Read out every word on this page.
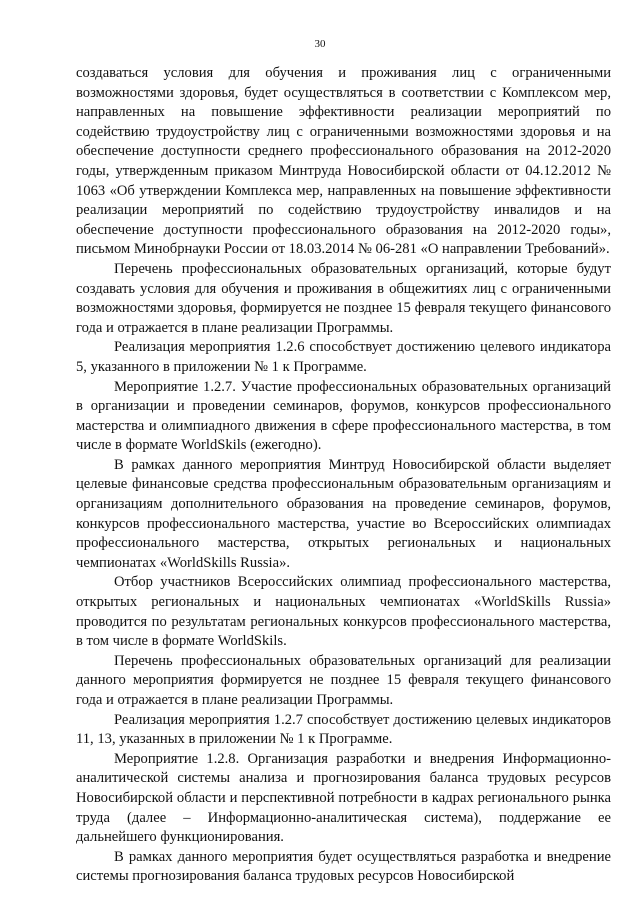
30

создаваться условия для обучения и проживания лиц с ограниченными возможностями здоровья, будет осуществляться в соответствии с Комплексом мер, направленных на повышение эффективности реализации мероприятий по содействию трудоустройству лиц с ограниченными возможностями здоровья и на обеспечение доступности среднего профессионального образования на 2012-2020 годы, утвержденным приказом Минтруда Новосибирской области от 04.12.2012 № 1063 «Об утверждении Комплекса мер, направленных на повышение эффективности реализации мероприятий по содействию трудоустройству инвалидов и на обеспечение доступности профессионального образования на 2012-2020 годы», письмом Минобрнауки России от 18.03.2014 № 06-281 «О направлении Требований».

Перечень профессиональных образовательных организаций, которые будут создавать условия для обучения и проживания в общежитиях лиц с ограниченными возможностями здоровья, формируется не позднее 15 февраля текущего финансового года и отражается в плане реализации Программы.

Реализация мероприятия 1.2.6 способствует достижению целевого индикатора 5, указанного в приложении № 1 к Программе.

Мероприятие 1.2.7. Участие профессиональных образовательных организаций в организации и проведении семинаров, форумов, конкурсов профессионального мастерства и олимпиадного движения в сфере профессионального мастерства, в том числе в формате WorldSkils (ежегодно).

В рамках данного мероприятия Минтруд Новосибирской области выделяет целевые финансовые средства профессиональным образовательным организациям и организациям дополнительного образования на проведение семинаров, форумов, конкурсов профессионального мастерства, участие во Всероссийских олимпиадах профессионального мастерства, открытых региональных и национальных чемпионатах «WorldSkills Russia».

Отбор участников Всероссийских олимпиад профессионального мастерства, открытых региональных и национальных чемпионатах «WorldSkills Russia» проводится по результатам региональных конкурсов профессионального мастерства, в том числе в формате WorldSkils.

Перечень профессиональных образовательных организаций для реализации данного мероприятия формируется не позднее 15 февраля текущего финансового года и отражается в плане реализации Программы.

Реализация мероприятия 1.2.7 способствует достижению целевых индикаторов 11, 13, указанных в приложении № 1 к Программе.

Мероприятие 1.2.8. Организация разработки и внедрения Информационно-аналитической системы анализа и прогнозирования баланса трудовых ресурсов Новосибирской области и перспективной потребности в кадрах регионального рынка труда (далее – Информационно-аналитическая система), поддержание ее дальнейшего функционирования.

В рамках данного мероприятия будет осуществляться разработка и внедрение системы прогнозирования баланса трудовых ресурсов Новосибирской
